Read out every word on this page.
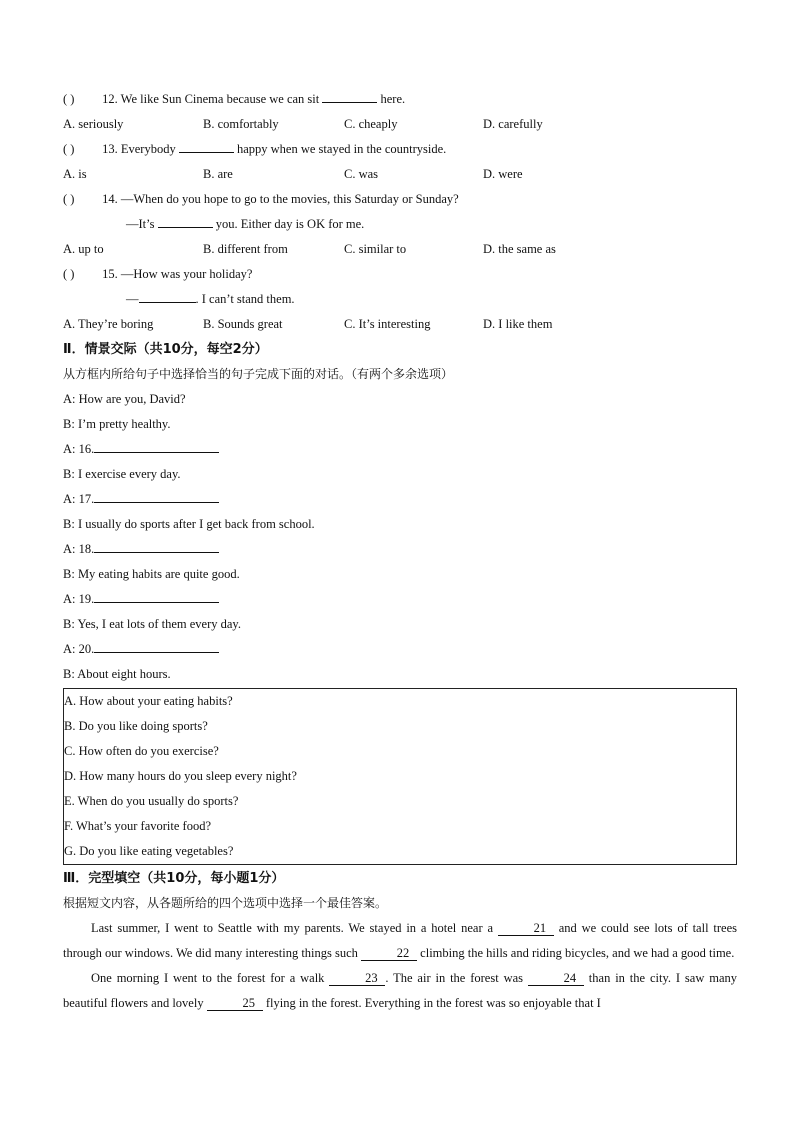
( ) 12. We like Sun Cinema because we can sit	here.
A. seriously	B. comfortably	C. cheaply	D. carefully
( ) 13. Everybody	happy when we stayed in the countryside.
A. is	B. are	C. was	D. were
( ) 14. —When do you hope to go to the movies, this Saturday or Sunday?
—It’s	you. Either day is OK for me.
A. up to	B. different from	C. similar to	D. the same as
( ) 15. —How was your holiday?
—	. I can’t stand them.
A. They’re boring	B. Sounds great	C. It’s interesting	D. I like them
Ⅱ．情景交际（共10分，每空2分）
从方框内所给句子中选择恰当的句子完成下面的对话。（有两个多余选项）
A: How are you, David?
B: I’m pretty healthy.
A: 16.
B: I exercise every day.
A: 17.
B: I usually do sports after I get back from school.
A: 18.
B: My eating habits are quite good.
A: 19.
B: Yes, I eat lots of them every day.
A: 20.
B: About eight hours.
A. How about your eating habits?
B. Do you like doing sports?
C. How often do you exercise?
D. How many hours do you sleep every night?
E. When do you usually do sports?
F. What’s your favorite food?
G. Do you like eating vegetables?
Ⅲ．完型填空（共10分，每小题1分）
根据短文内容，从各题所给的四个选项中选择一个最佳答案。
Last summer, I went to Seattle with my parents. We stayed in a hotel near a	21 and we could see lots of tall trees through our windows. We did many interesting things such	22 climbing the hills and riding bicycles, and we had a good time.
One morning I went to the forest for a walk	23 . The air in the forest was	24 than in the city. I saw many beautiful flowers and lovely	25 flying in the forest. Everything in the forest was so enjoyable that I
